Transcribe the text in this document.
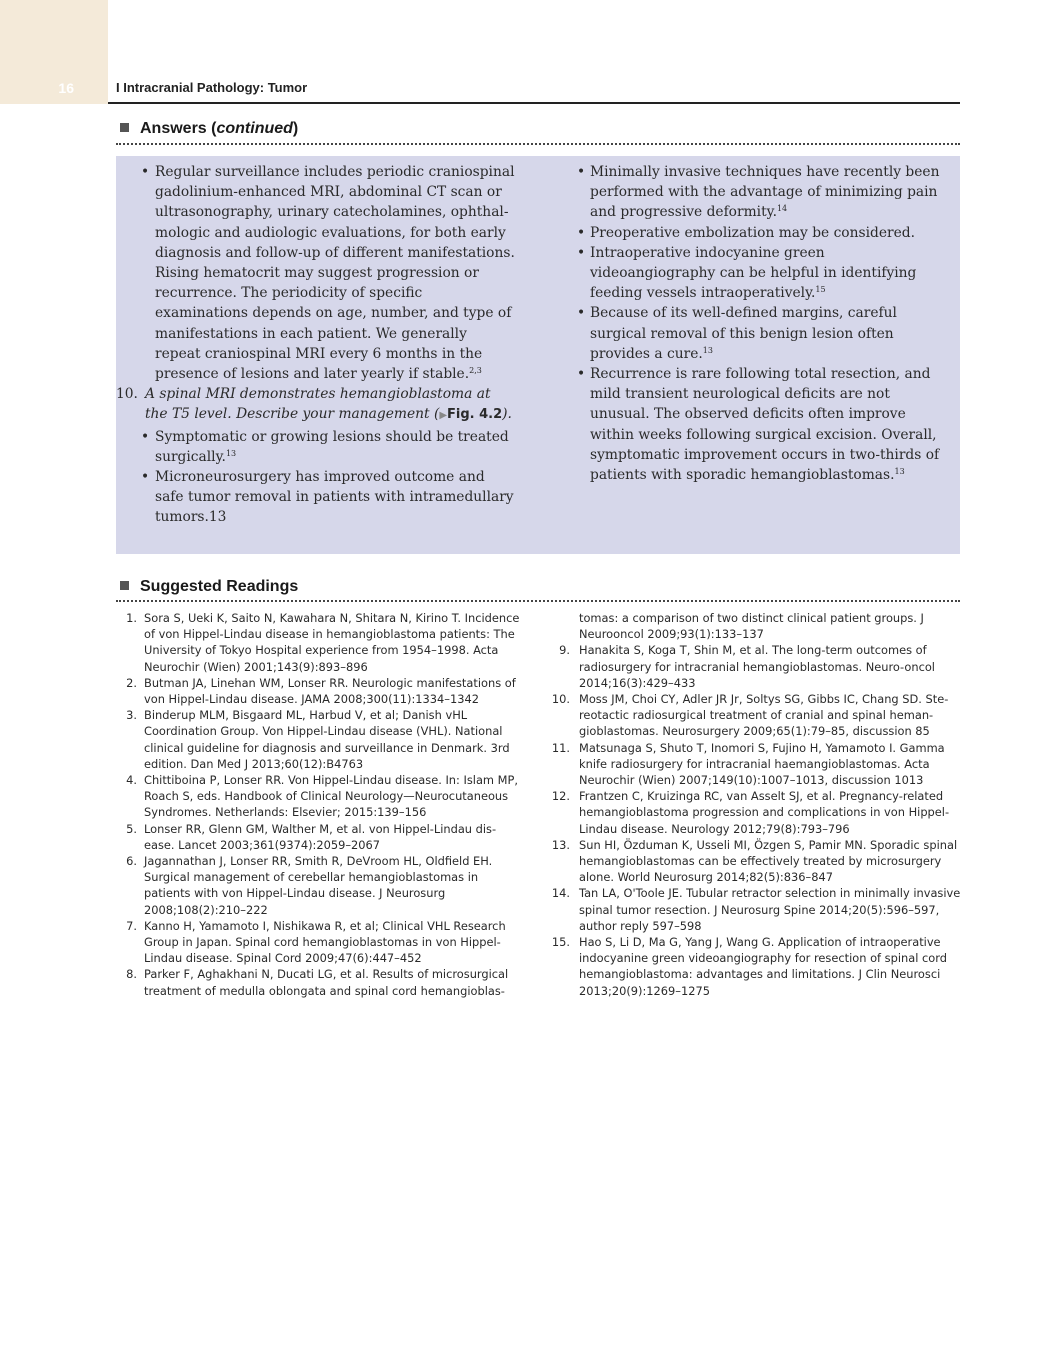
16	I Intracranial Pathology: Tumor
Answers (continued)
• Regular surveillance includes periodic craniospinal gadolinium-enhanced MRI, abdominal CT scan or ultrasonography, urinary catecholamines, ophthalmologic and audiologic evaluations, for both early diagnosis and follow-up of different manifestations. Rising hematocrit may suggest progression or recurrence. The periodicity of specific examinations depends on age, number, and type of manifestations in each patient. We generally repeat craniospinal MRI every 6 months in the presence of lesions and later yearly if stable.$^{2,3}$
10. A spinal MRI demonstrates hemangioblastoma at the T5 level. Describe your management (▶Fig. 4.2).
• Symptomatic or growing lesions should be treated surgically.$^{13}$
• Microneurosurgery has improved outcome and safe tumor removal in patients with intramedullary tumors.13
• Minimally invasive techniques have recently been performed with the advantage of minimizing pain and progressive deformity.$^{14}$
• Preoperative embolization may be considered.
• Intraoperative indocyanine green videoangiography can be helpful in identifying feeding vessels intraoperatively.$^{15}$
• Because of its well-defined margins, careful surgical removal of this benign lesion often provides a cure.$^{13}$
• Recurrence is rare following total resection, and mild transient neurological deficits are not unusual. The observed deficits often improve within weeks following surgical excision. Overall, symptomatic improvement occurs in two-thirds of patients with sporadic hemangioblastomas.$^{13}$
Suggested Readings
1. Sora S, Ueki K, Saito N, Kawahara N, Shitara N, Kirino T. Incidence of von Hippel-Lindau disease in hemangioblastoma patients: The University of Tokyo Hospital experience from 1954–1998. Acta Neurochir (Wien) 2001;143(9):893–896
2. Butman JA, Linehan WM, Lonser RR. Neurologic manifestations of von Hippel-Lindau disease. JAMA 2008;300(11):1334–1342
3. Binderup MLM, Bisgaard ML, Harbud V, et al; Danish vHL Coordination Group. Von Hippel-Lindau disease (VHL). National clinical guideline for diagnosis and surveillance in Denmark. 3rd edition. Dan Med J 2013;60(12):B4763
4. Chittiboina P, Lonser RR. Von Hippel-Lindau disease. In: Islam MP, Roach S, eds. Handbook of Clinical Neurology—Neurocutaneous Syndromes. Netherlands: Elsevier; 2015:139–156
5. Lonser RR, Glenn GM, Walther M, et al. von Hippel-Lindau disease. Lancet 2003;361(9374):2059–2067
6. Jagannathan J, Lonser RR, Smith R, DeVroom HL, Oldfield EH. Surgical management of cerebellar hemangioblastomas in patients with von Hippel-Lindau disease. J Neurosurg 2008;108(2):210–222
7. Kanno H, Yamamoto I, Nishikawa R, et al; Clinical VHL Research Group in Japan. Spinal cord hemangioblastomas in von Hippel-Lindau disease. Spinal Cord 2009;47(6):447–452
8. Parker F, Aghakhani N, Ducati LG, et al. Results of microsurgical treatment of medulla oblongata and spinal cord hemangioblas-
tomas: a comparison of two distinct clinical patient groups. J Neurooncol 2009;93(1):133–137
9. Hanakita S, Koga T, Shin M, et al. The long-term outcomes of radiosurgery for intracranial hemangioblastomas. Neuro-oncol 2014;16(3):429–433
10. Moss JM, Choi CY, Adler JR Jr, Soltys SG, Gibbs IC, Chang SD. Stereotactic radiosurgical treatment of cranial and spinal hemangioblastomas. Neurosurgery 2009;65(1):79–85, discussion 85
11. Matsunaga S, Shuto T, Inomori S, Fujino H, Yamamoto I. Gamma knife radiosurgery for intracranial haemangioblastomas. Acta Neurochir (Wien) 2007;149(10):1007–1013, discussion 1013
12. Frantzen C, Kruizinga RC, van Asselt SJ, et al. Pregnancy-related hemangioblastoma progression and complications in von Hippel-Lindau disease. Neurology 2012;79(8):793–796
13. Sun HI, Özduman K, Usseli MI, Özgen S, Pamir MN. Sporadic spinal hemangioblastomas can be effectively treated by microsurgery alone. World Neurosurg 2014;82(5):836–847
14. Tan LA, O'Toole JE. Tubular retractor selection in minimally invasive spinal tumor resection. J Neurosurg Spine 2014;20(5):596–597, author reply 597–598
15. Hao S, Li D, Ma G, Yang J, Wang G. Application of intraoperative indocyanine green videoangiography for resection of spinal cord hemangioblastoma: advantages and limitations. J Clin Neurosci 2013;20(9):1269–1275
